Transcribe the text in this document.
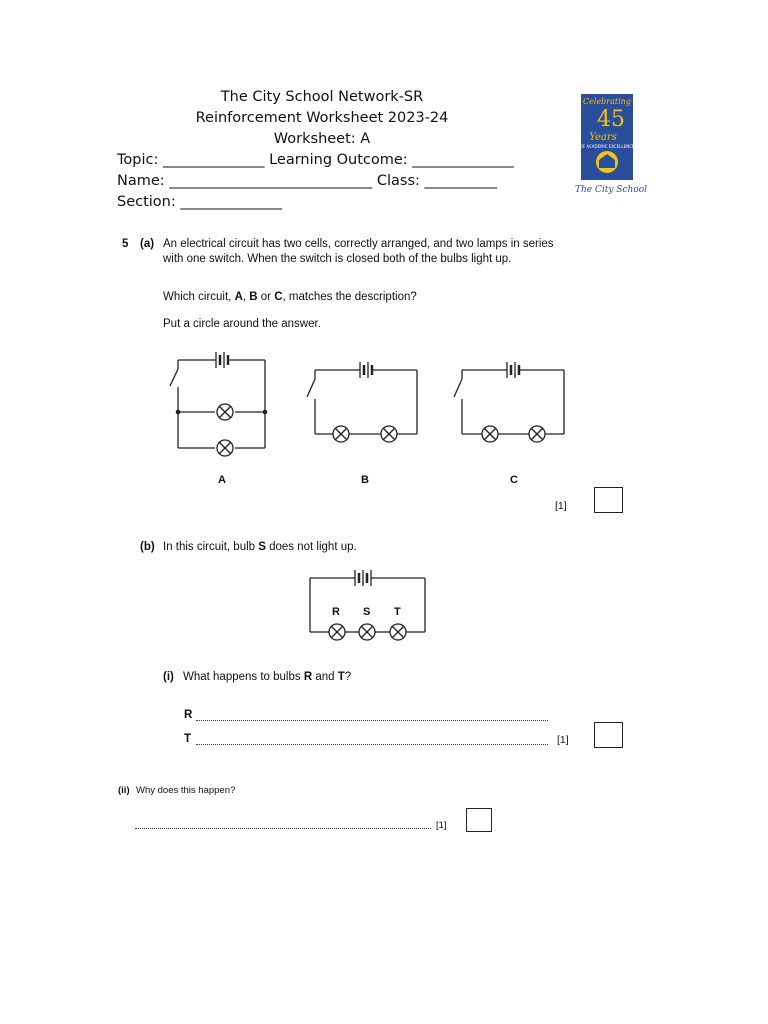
The City School Network-SR
Reinforcement Worksheet 2023-24
Worksheet: A
Topic: ______________ Learning Outcome: ______________
Name: ____________________________ Class: __________
Section: ______________
Celebrating
45
Years
OF ACADEMIC EXCELLENCE
The City School
5 (a) An electrical circuit has two cells, correctly arranged, and two lamps in series
with one switch. When the switch is closed both of the bulbs light up.
Which circuit, A, B or C, matches the description?
Put a circle around the answer.
A	B	C
[1]
(b) In this circuit, bulb S does not light up.
R S T
(i) What happens to bulbs R and T?
R
T	[1]
(ii) Why does this happen?
[1]
